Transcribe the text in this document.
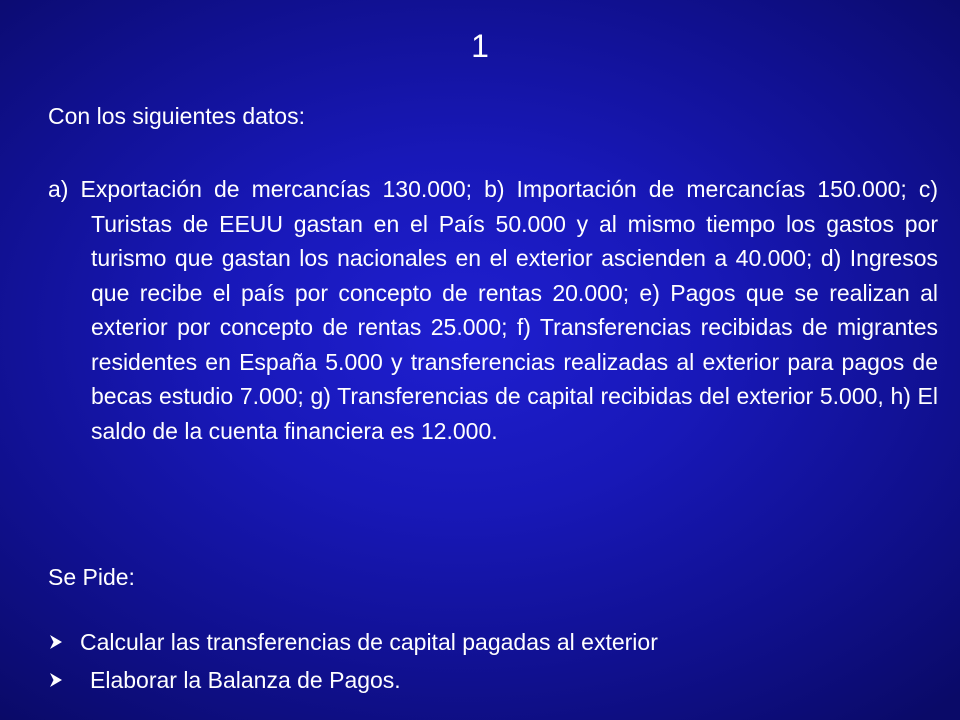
1
Con los siguientes datos:
a) Exportación de mercancías 130.000; b) Importación de mercancías 150.000; c) Turistas de EEUU gastan en el País 50.000 y al mismo tiempo los gastos por turismo que gastan los nacionales en el exterior ascienden a 40.000; d) Ingresos que recibe el país por concepto de rentas 20.000; e) Pagos que se realizan al exterior por concepto de rentas 25.000; f) Transferencias recibidas de migrantes residentes en España 5.000 y transferencias realizadas al exterior para pagos de becas estudio 7.000; g) Transferencias de capital recibidas del exterior 5.000, h) El saldo de la cuenta financiera es 12.000.
Se Pide:
Calcular las transferencias de capital pagadas al exterior
Elaborar la Balanza de Pagos.
